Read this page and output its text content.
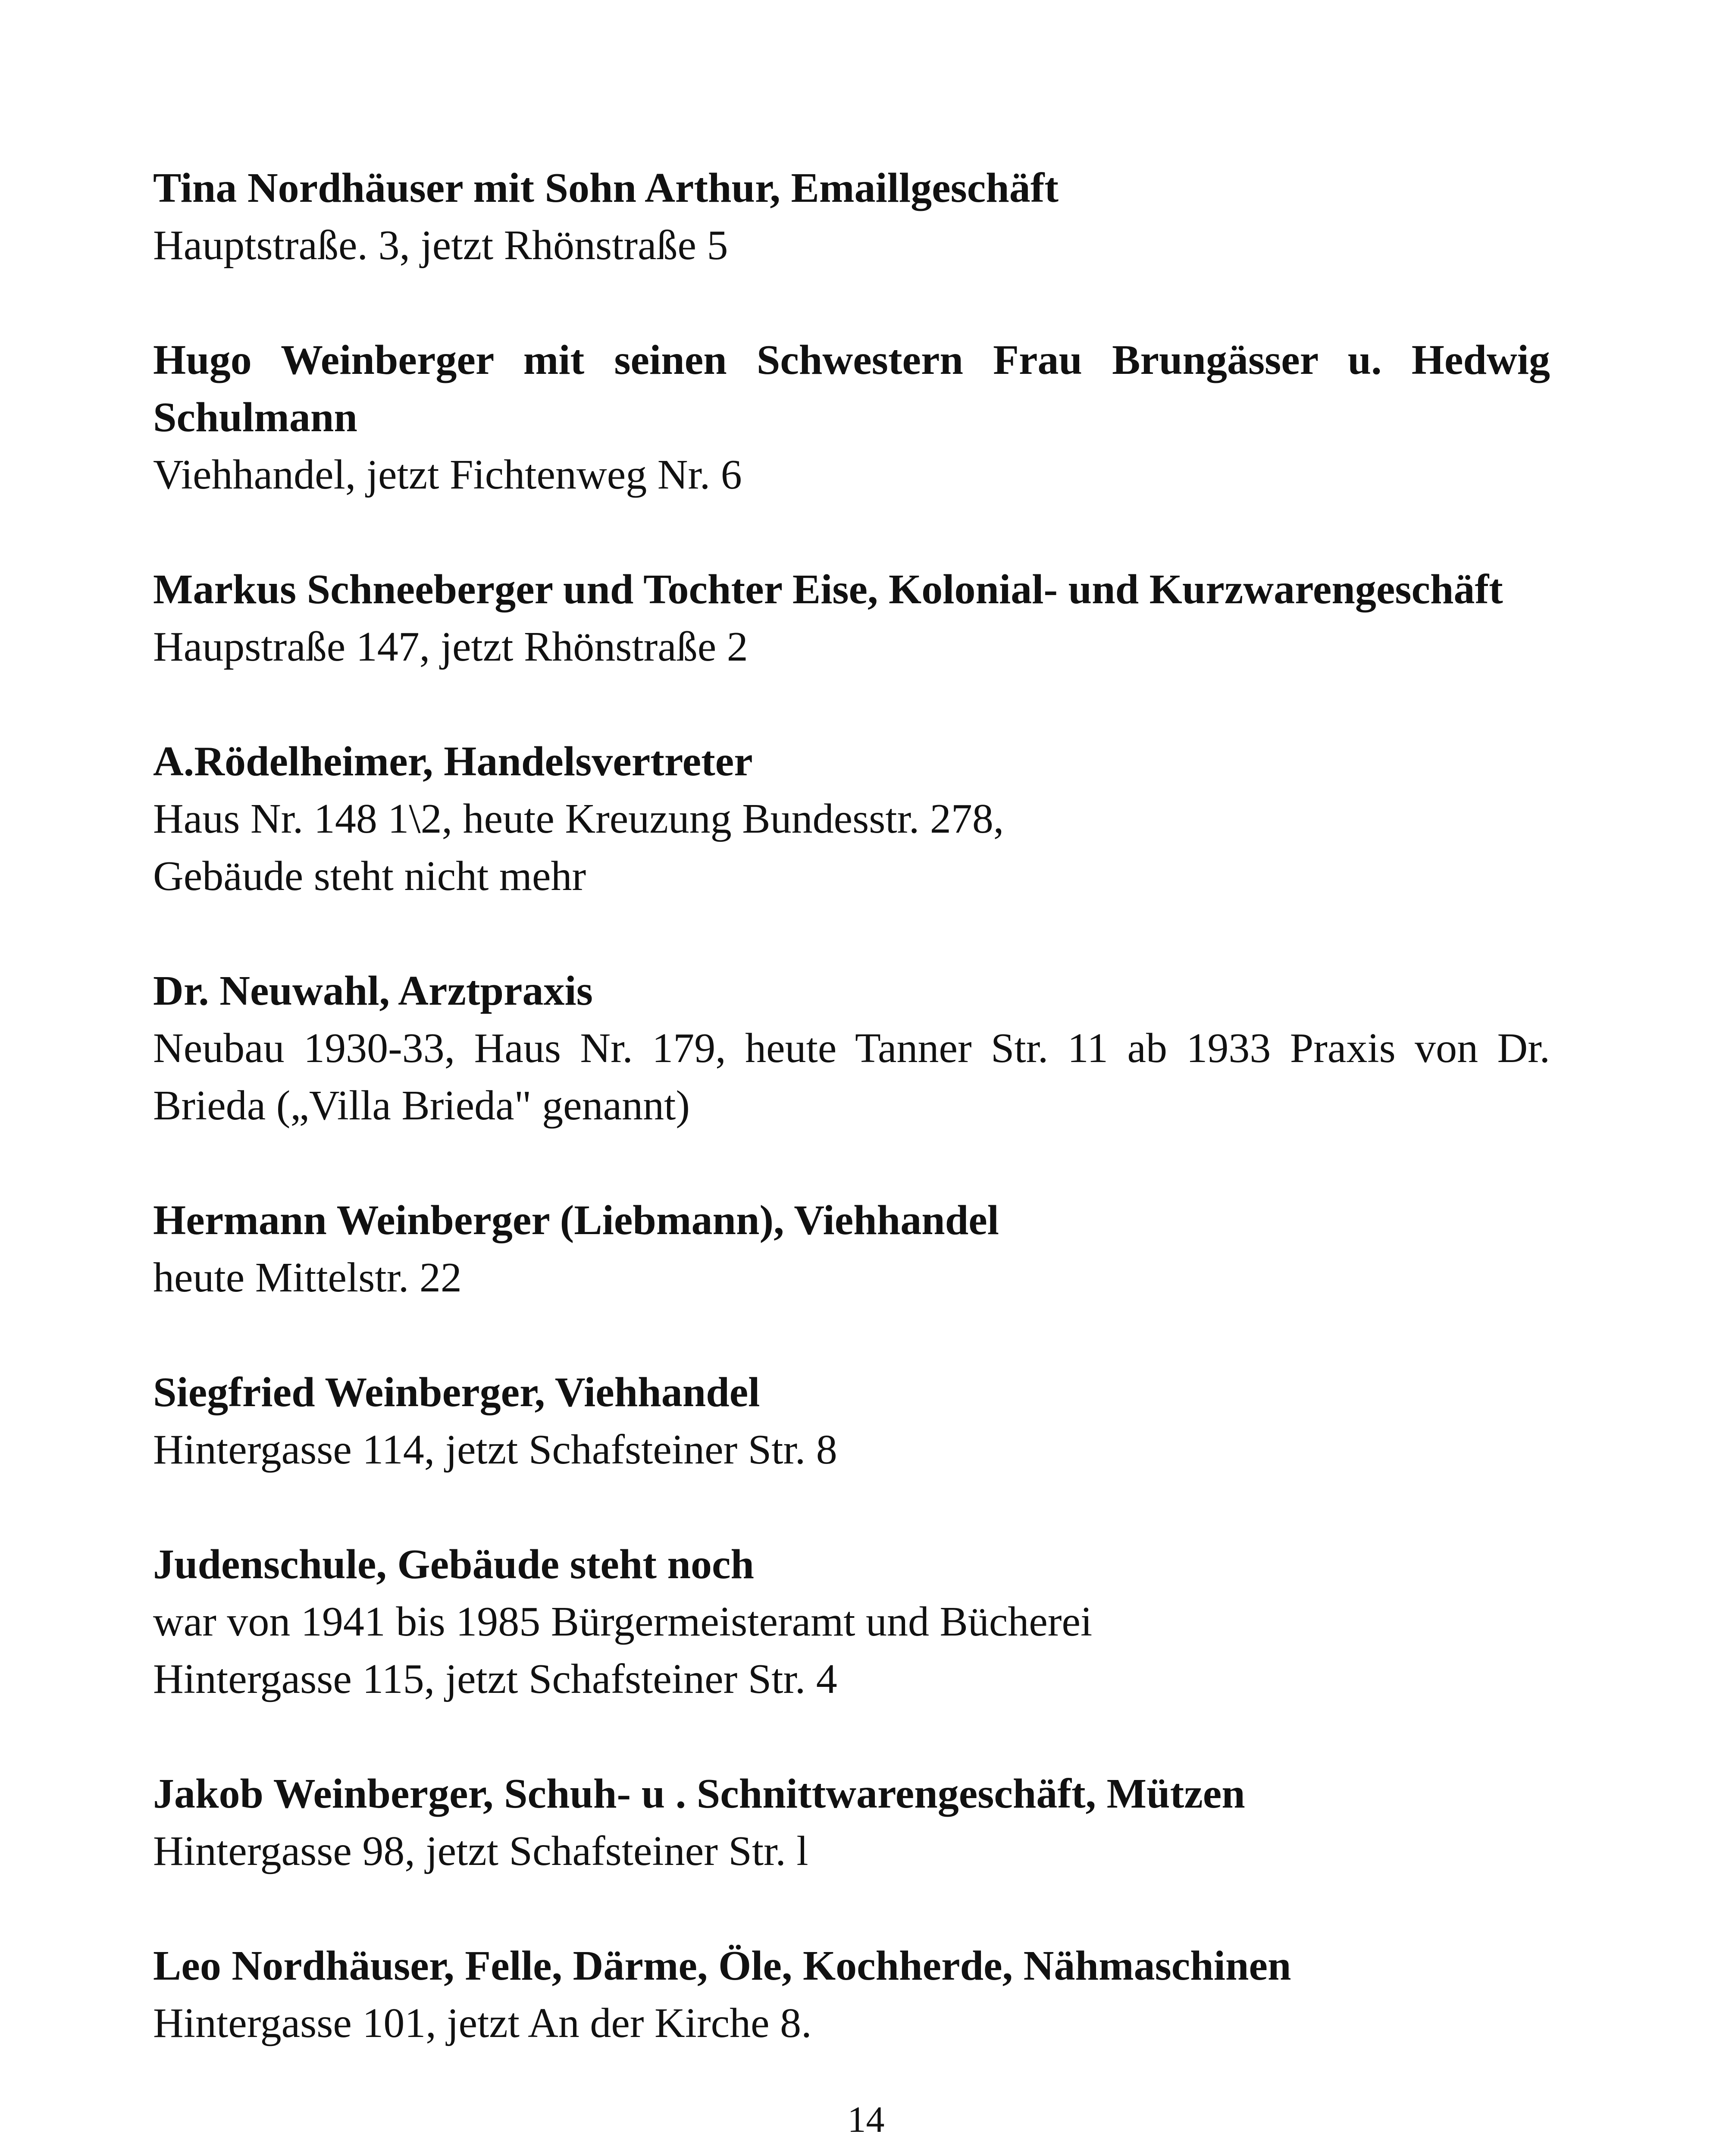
Tina Nordhäuser mit Sohn Arthur, Emaillgeschäft

Hauptstraße. 3, jetzt Rhönstraße 5

Hugo Weinberger mit seinen Schwestern Frau Brungässer u. Hedwig Schulmann

Viehhandel, jetzt Fichtenweg Nr. 6

Markus Schneeberger und Tochter Eise, Kolonial- und Kurzwarengeschäft

Haupstraße 147, jetzt Rhönstraße 2

A.Rödelheimer, Handelsvertreter

Haus Nr. 148 1\2, heute Kreuzung Bundesstr. 278,

Gebäude steht nicht mehr

Dr. Neuwahl, Arztpraxis

Neubau 1930-33, Haus Nr. 179, heute Tanner Str. 11 ab 1933 Praxis von Dr. Brieda („Villa Brieda" genannt)

Hermann Weinberger (Liebmann), Viehhandel

heute Mittelstr. 22

Siegfried Weinberger, Viehhandel

Hintergasse 114, jetzt Schafsteiner Str. 8

Judenschule, Gebäude steht noch

war von 1941 bis 1985 Bürgermeisteramt und Bücherei

Hintergasse 115, jetzt Schafsteiner Str. 4

Jakob Weinberger, Schuh- u . Schnittwarengeschäft, Mützen

Hintergasse 98, jetzt Schafsteiner Str. l

Leo Nordhäuser, Felle, Därme, Öle, Kochherde, Nähmaschinen

Hintergasse 101, jetzt An der Kirche 8.

14
